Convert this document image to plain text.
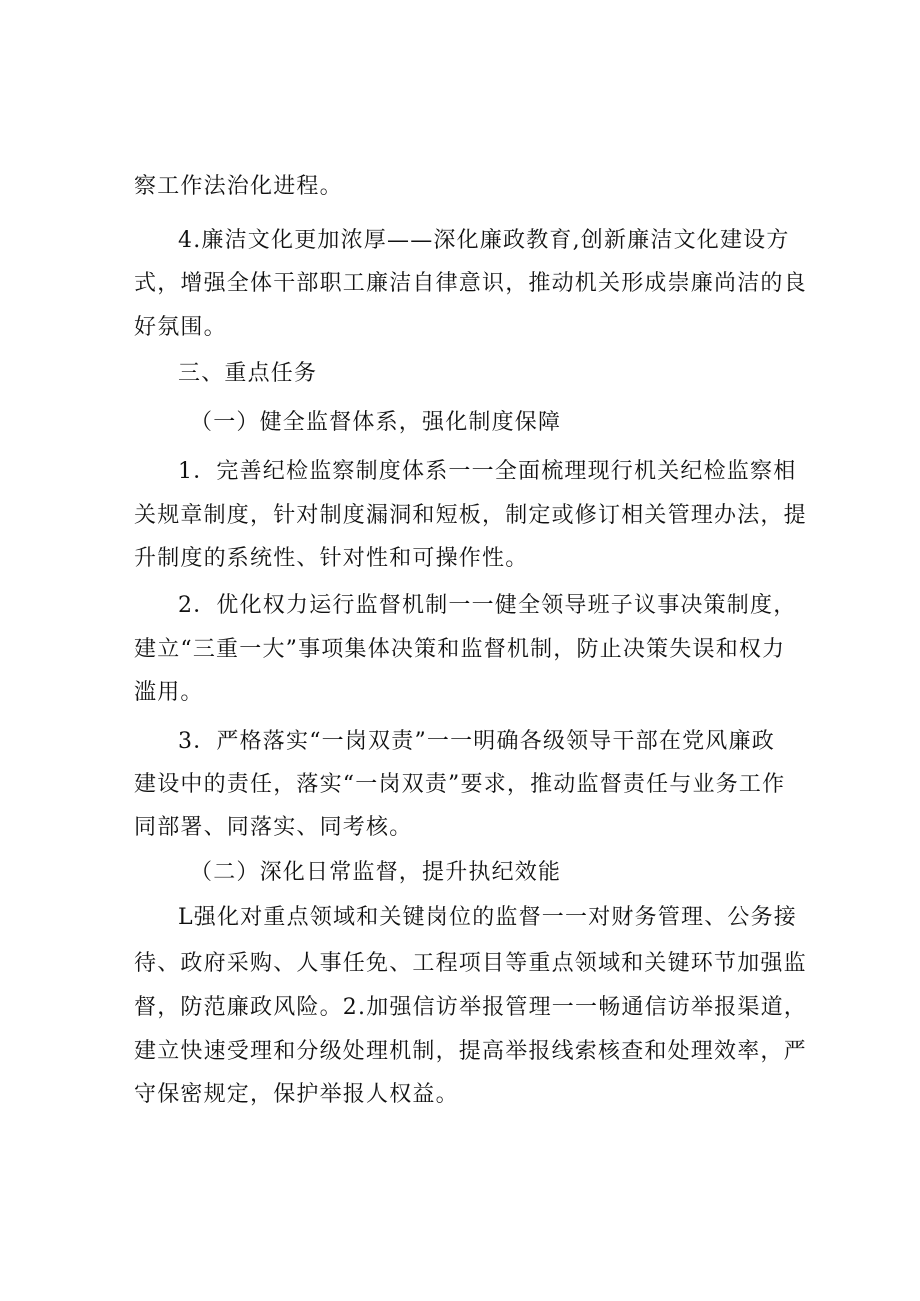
察工作法治化进程。
4.廉洁文化更加浓厚——深化廉政教育,创新廉洁文化建设方
式，增强全体干部职工廉洁自律意识，推动机关形成崇廉尚洁的良
好氛围。
三、重点任务
（一）健全监督体系，强化制度保障
1．完善纪检监察制度体系一一全面梳理现行机关纪检监察相
关规章制度，针对制度漏洞和短板，制定或修订相关管理办法，提
升制度的系统性、针对性和可操作性。
2．优化权力运行监督机制一一健全领导班子议事决策制度，
建立“三重一大”事项集体决策和监督机制，防止决策失误和权力
滥用。
3．严格落实“一岗双责”一一明确各级领导干部在党风廉政
建设中的责任，落实“一岗双责”要求，推动监督责任与业务工作
同部署、同落实、同考核。
（二）深化日常监督，提升执纪效能
L强化对重点领域和关键岗位的监督一一对财务管理、公务接
待、政府采购、人事任免、工程项目等重点领域和关键环节加强监
督，防范廉政风险。2.加强信访举报管理一一畅通信访举报渠道，
建立快速受理和分级处理机制，提高举报线索核查和处理效率，严
守保密规定，保护举报人权益。
